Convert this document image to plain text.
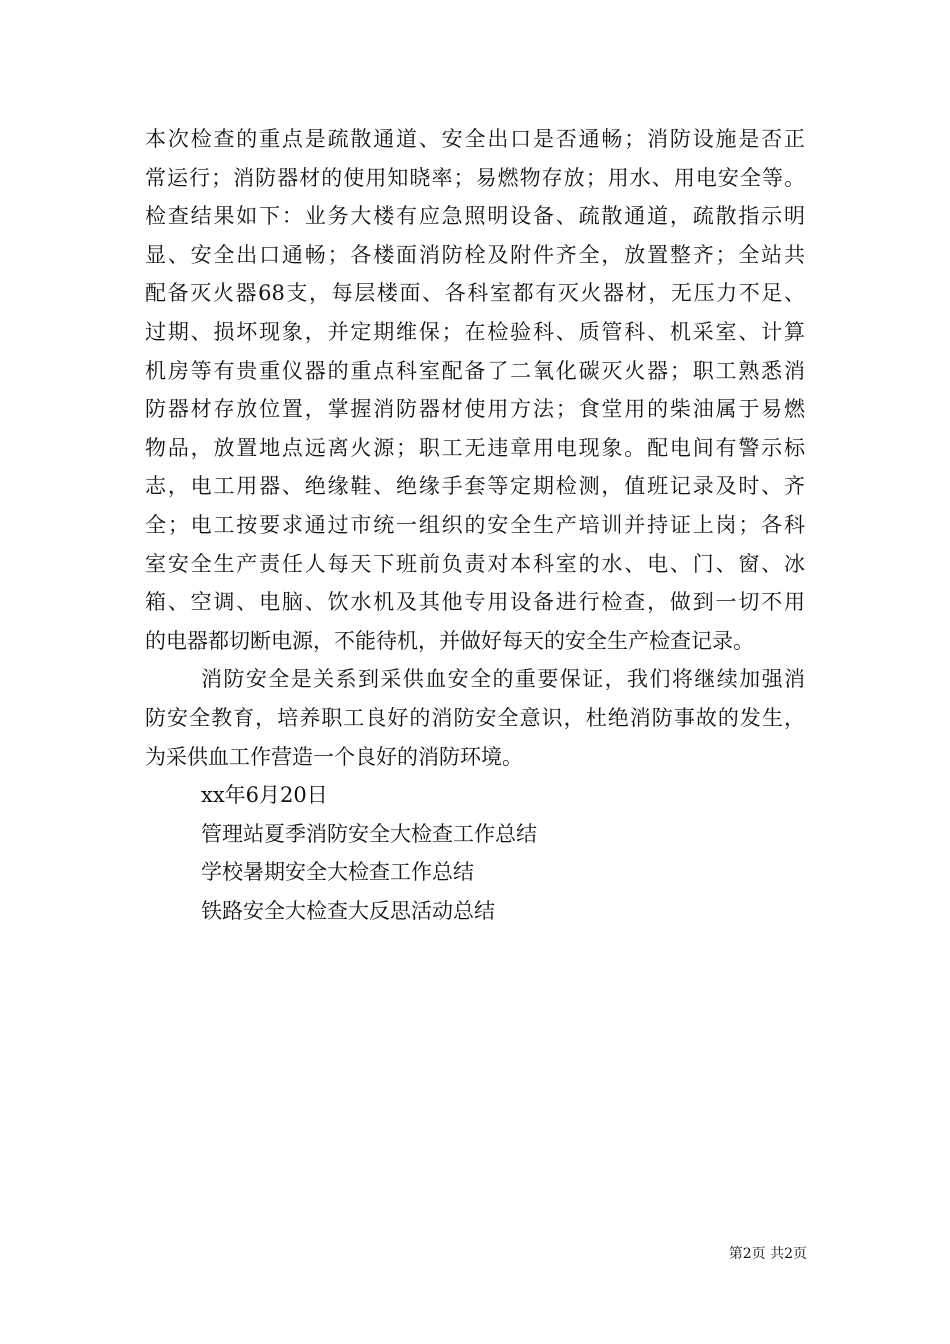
本次检查的重点是疏散通道、安全出口是否通畅；消防设施是否正
常运行；消防器材的使用知晓率；易燃物存放；用水、用电安全等。
检查结果如下：业务大楼有应急照明设备、疏散通道，疏散指示明
显、安全出口通畅；各楼面消防栓及附件齐全，放置整齐；全站共
配备灭火器68支，每层楼面、各科室都有灭火器材，无压力不足、
过期、损坏现象，并定期维保；在检验科、质管科、机采室、计算
机房等有贵重仪器的重点科室配备了二氧化碳灭火器；职工熟悉消
防器材存放位置，掌握消防器材使用方法；食堂用的柴油属于易燃
物品，放置地点远离火源；职工无违章用电现象。配电间有警示标
志，电工用器、绝缘鞋、绝缘手套等定期检测，值班记录及时、齐
全；电工按要求通过市统一组织的安全生产培训并持证上岗；各科
室安全生产责任人每天下班前负责对本科室的水、电、门、窗、冰
箱、空调、电脑、饮水机及其他专用设备进行检查，做到一切不用
的电器都切断电源，不能待机，并做好每天的安全生产检查记录。
消防安全是关系到采供血安全的重要保证，我们将继续加强消
防安全教育，培养职工良好的消防安全意识，杜绝消防事故的发生，
为采供血工作营造一个良好的消防环境。
xx年6月20日
管理站夏季消防安全大检查工作总结
学校暑期安全大检查工作总结
铁路安全大检查大反思活动总结
第2页 共2页
